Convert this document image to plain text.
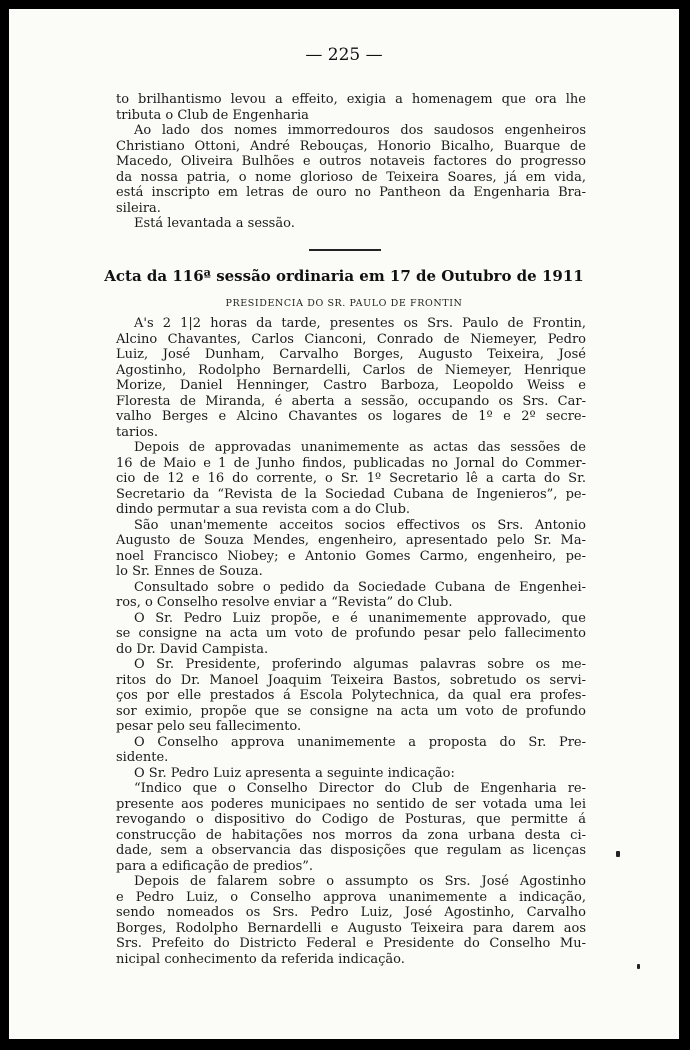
— 225 —
to brilhantismo levou a effeito, exigia a homenagem que ora lhe
tributa o Club de Engenharia
Ao lado dos nomes immorredouros dos saudosos engenheiros
Christiano Ottoni, André Rebouças, Honorio Bicalho, Buarque de
Macedo, Oliveira Bulhões e outros notaveis factores do progresso
da nossa patria, o nome glorioso de Teixeira Soares, já em vida,
está inscripto em letras de ouro no Pantheon da Engenharia Bra-
sileira.
Está levantada a sessão.
Acta da 116ª sessão ordinaria em 17 de Outubro de 1911
PRESIDENCIA DO SR. PAULO DE FRONTIN
A's 2 1|2 horas da tarde, presentes os Srs. Paulo de Frontin,
Alcino Chavantes, Carlos Cianconi, Conrado de Niemeyer, Pedro
Luiz, José Dunham, Carvalho Borges, Augusto Teixeira, José
Agostinho, Rodolpho Bernardelli, Carlos de Niemeyer, Henrique
Morize, Daniel Henninger, Castro Barboza, Leopoldo Weiss e
Floresta de Miranda, é aberta a sessão, occupando os Srs. Car-
valho Berges e Alcino Chavantes os logares de 1º e 2º secre-
tarios.
Depois de approvadas unanimemente as actas das sessões de
16 de Maio e 1 de Junho findos, publicadas no Jornal do Commer-
cio de 12 e 16 do corrente, o Sr. 1º Secretario lê a carta do Sr.
Secretario da “Revista de la Sociedad Cubana de Ingenieros”, pe-
dindo permutar a sua revista com a do Club.
São unan'memente acceitos socios effectivos os Srs. Antonio
Augusto de Souza Mendes, engenheiro, apresentado pelo Sr. Ma-
noel Francisco Niobey; e Antonio Gomes Carmo, engenheiro, pe-
lo Sr. Ennes de Souza.
Consultado sobre o pedido da Sociedade Cubana de Engenhei-
ros, o Conselho resolve enviar a “Revista” do Club.
O Sr. Pedro Luiz propõe, e é unanimemente approvado, que
se consigne na acta um voto de profundo pesar pelo fallecimento
do Dr. David Campista.
O Sr. Presidente, proferindo algumas palavras sobre os me-
ritos do Dr. Manoel Joaquim Teixeira Bastos, sobretudo os servi-
ços por elle prestados á Escola Polytechnica, da qual era profes-
sor eximio, propõe que se consigne na acta um voto de profundo
pesar pelo seu fallecimento.
O Conselho approva unanimemente a proposta do Sr. Pre-
sidente.
O Sr. Pedro Luiz apresenta a seguinte indicação:
“Indico que o Conselho Director do Club de Engenharia re-
presente aos poderes municipaes no sentido de ser votada uma lei
revogando o dispositivo do Codigo de Posturas, que permitte á
construcção de habitações nos morros da zona urbana desta ci-
dade, sem a observancia das disposições que regulam as licenças
para a edificação de predios”.
Depois de falarem sobre o assumpto os Srs. José Agostinho
e Pedro Luiz, o Conselho approva unanimemente a indicação,
sendo nomeados os Srs. Pedro Luiz, José Agostinho, Carvalho
Borges, Rodolpho Bernardelli e Augusto Teixeira para darem aos
Srs. Prefeito do Districto Federal e Presidente do Conselho Mu-
nicipal conhecimento da referida indicação.
